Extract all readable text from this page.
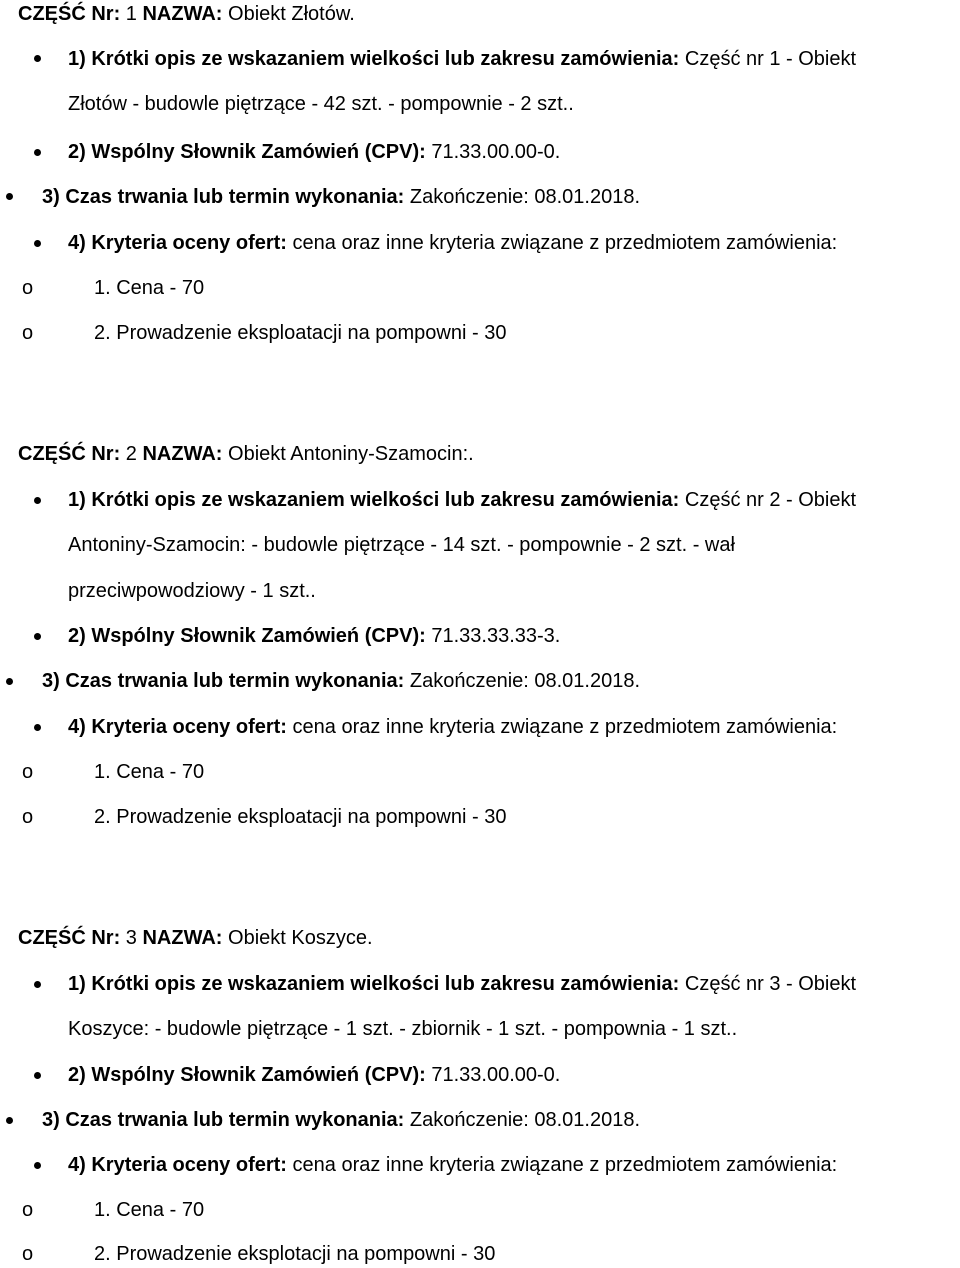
CZĘŚĆ Nr: 1 NAZWA: Obiekt Złotów.
1) Krótki opis ze wskazaniem wielkości lub zakresu zamówienia: Część nr 1 - Obiekt
Złotów - budowle piętrzące - 42 szt. - pompownie - 2 szt..
2) Wspólny Słownik Zamówień (CPV): 71.33.00.00-0.
3) Czas trwania lub termin wykonania: Zakończenie: 08.01.2018.
4) Kryteria oceny ofert: cena oraz inne kryteria związane z przedmiotem zamówienia:
o	1. Cena - 70
o	2. Prowadzenie eksploatacji na pompowni - 30
CZĘŚĆ Nr: 2 NAZWA: Obiekt Antoniny-Szamocin:.
1) Krótki opis ze wskazaniem wielkości lub zakresu zamówienia: Część nr 2 - Obiekt
Antoniny-Szamocin: - budowle piętrzące - 14 szt. - pompownie - 2 szt. - wał
przeciwpowodziowy - 1 szt..
2) Wspólny Słownik Zamówień (CPV): 71.33.33.33-3.
3) Czas trwania lub termin wykonania: Zakończenie: 08.01.2018.
4) Kryteria oceny ofert: cena oraz inne kryteria związane z przedmiotem zamówienia:
o	1. Cena - 70
o	2. Prowadzenie eksploatacji na pompowni - 30
CZĘŚĆ Nr: 3 NAZWA: Obiekt Koszyce.
1) Krótki opis ze wskazaniem wielkości lub zakresu zamówienia: Część nr 3 - Obiekt
Koszyce: - budowle piętrzące - 1 szt. - zbiornik - 1 szt. - pompownia - 1 szt..
2) Wspólny Słownik Zamówień (CPV): 71.33.00.00-0.
3) Czas trwania lub termin wykonania: Zakończenie: 08.01.2018.
4) Kryteria oceny ofert: cena oraz inne kryteria związane z przedmiotem zamówienia:
o	1. Cena - 70
o	2. Prowadzenie eksplotacji na pompowni - 30
